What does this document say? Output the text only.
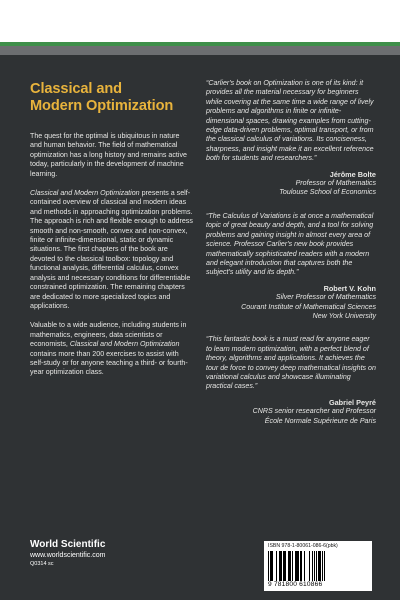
Classical and
Modern Optimization

The quest for the optimal is ubiquitous in nature and human behavior. The field of mathematical optimization has a long history and remains active today, particularly in the development of machine learning.

Classical and Modern Optimization presents a self-contained overview of classical and modern ideas and methods in approaching optimization problems. The approach is rich and flexible enough to address smooth and non-smooth, convex and non-convex, finite or infinite-dimensional, static or dynamic situations. The first chapters of the book are devoted to the classical toolbox: topology and functional analysis, differential calculus, convex analysis and necessary conditions for differentiable constrained optimization. The remaining chapters are dedicated to more specialized topics and applications.

Valuable to a wide audience, including students in mathematics, engineers, data scientists or economists, Classical and Modern Optimization contains more than 200 exercises to assist with self-study or for anyone teaching a third- or fourth-year optimization class.

“Carlier's book on Optimization is one of its kind: it provides all the material necessary for beginners while covering at the same time a wide range of lively problems and algorithms in finite or infinite-dimensional spaces, drawing examples from cutting-edge data-driven problems, optimal transport, or from the classical calculus of variations. Its conciseness, sharpness, and insight make it an excellent reference both for students and researchers.”

Jérôme Bolte
Professor of Mathematics
Toulouse School of Economics

“The Calculus of Variations is at once a mathematical topic of great beauty and depth, and a tool for solving problems and gaining insight in almost every area of science. Professor Carlier's new book provides mathematically sophisticated readers with a modern and elegant introduction that captures both the subject's utility and its depth.”

Robert V. Kohn
Silver Professor of Mathematics
Courant Institute of Mathematical Sciences
New York University

“This fantastic book is a must read for anyone eager to learn modern optimization, with a perfect blend of theory, algorithms and applications. It achieves the tour de force to convey deep mathematical insights on variational calculus and showcase illuminating practical cases.”

Gabriel Peyré
CNRS senior researcher and Professor
École Normale Supérieure de Paris
World Scientific
www.worldscientific.com
Q0314 sc
ISBN 978-1-80061-086-6(pbk)
9 781800 610866
